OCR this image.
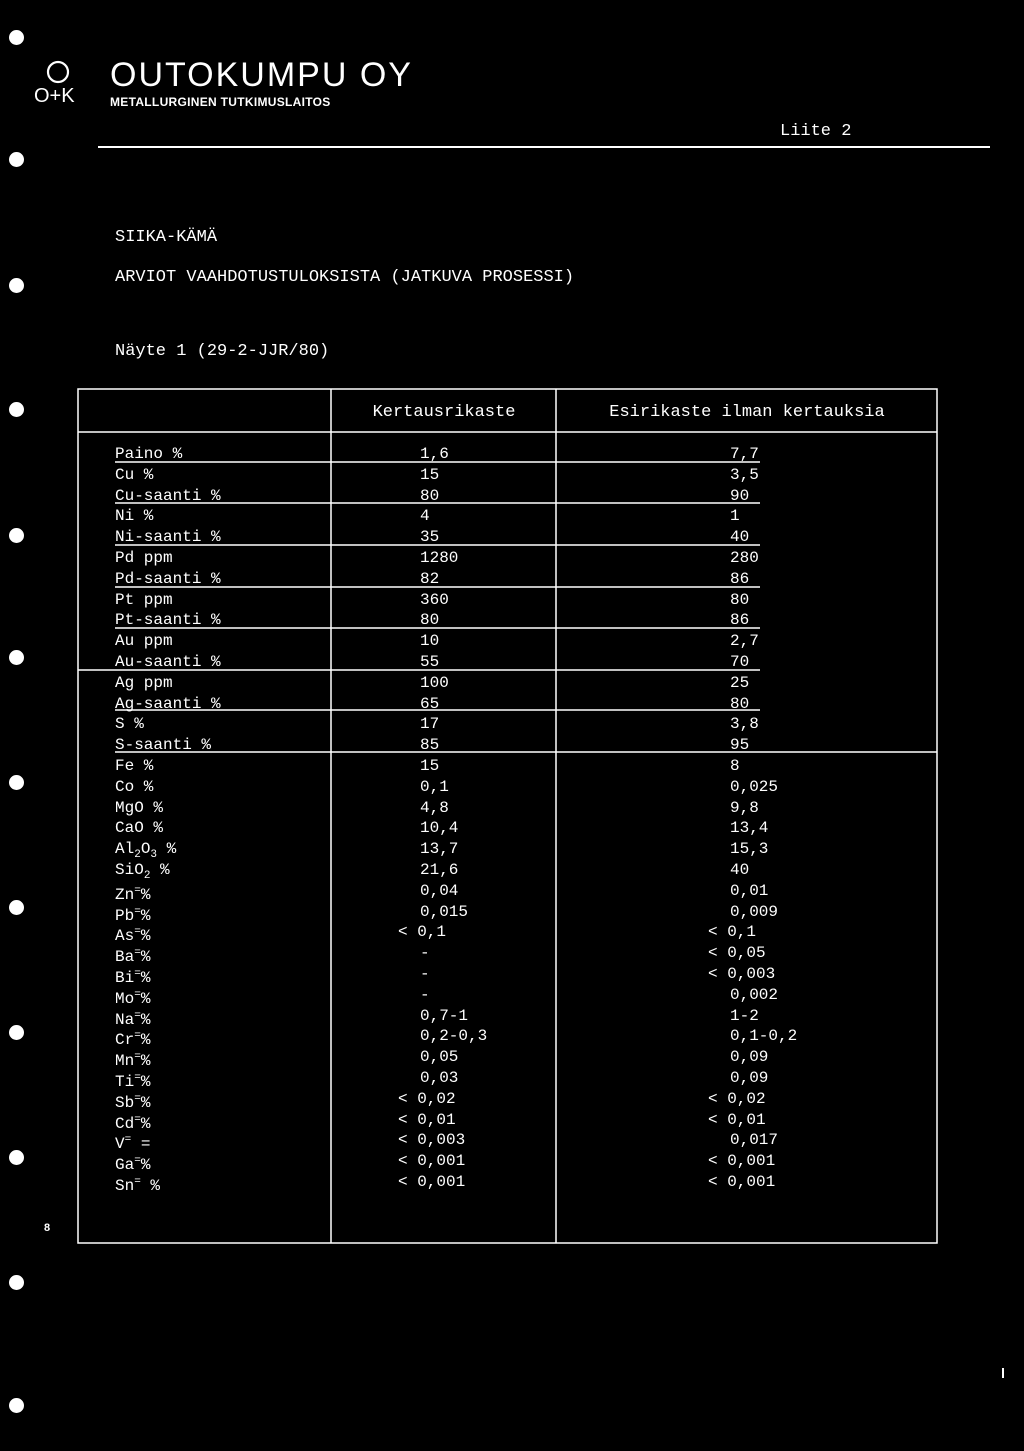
O+K
OUTOKUMPU OY
METALLURGINEN TUTKIMUSLAITOS
Liite 2
SIIKA-KÄMÄ
ARVIOT VAAHDOTUSTULOKSISTA (JATKUVA PROSESSI)
Näyte 1 (29-2-JJR/80)
Kertausrikaste	Esirikaste ilman kertauksia
Paino %	1,6	7,7
Cu %	15	3,5
Cu-saanti %	80	90
Ni %	4	1
Ni-saanti %	35	40
Pd ppm	1280	280
Pd-saanti %	82	86
Pt ppm	360	80
Pt-saanti %	80	86
Au ppm	10	2,7
Au-saanti %	55	70
Ag ppm	100	25
Ag-saanti %	65	80
S %	17	3,8
S-saanti %	85	95
Fe %	15	8
Co %	0,1	0,025
MgO %	4,8	9,8
CaO %	10,4	13,4
$Al_2O_3$ %	13,7	15,3
SiO$_2$ %	21,6	40
Zn=%	0,04	0,01
Pb=%	0,015	0,009
As=%	< 0,1	< 0,1
Ba=%	-	< 0,05
Bi=%	-	< 0,003
Mo=%	-	0,002
Na=%	0,7-1	1-2
Cr=%	0,2-0,3	0,1-0,2
Mn=%	0,05	0,09
Ti=%	0,03	0,09
Sb=%	< 0,02	< 0,02
Cd=%	< 0,01	< 0,01
V= =	< 0,003	0,017
Ga=%	< 0,001	< 0,001
Sn= %	< 0,001	< 0,001
8
